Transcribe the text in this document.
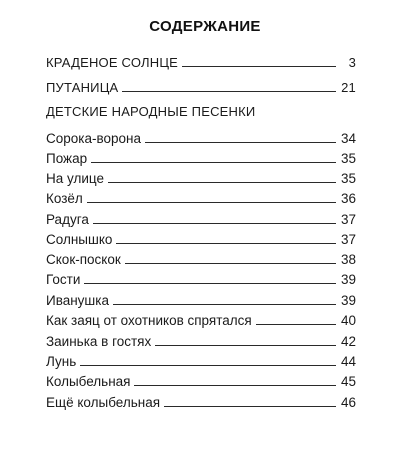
СОДЕРЖАНИЕ
КРАДЕНОЕ СОЛНЦЕ	3
ПУТАНИЦА	21
ДЕТСКИЕ НАРОДНЫЕ ПЕСЕНКИ
Сорока-ворона	34
Пожар	35
На улице	35
Козёл	36
Радуга	37
Солнышко	37
Скок-поскок	38
Гости	39
Иванушка	39
Как заяц от охотников спрятался	40
Заинька в гостях	42
Лунь	44
Колыбельная	45
Ещё колыбельная	46
